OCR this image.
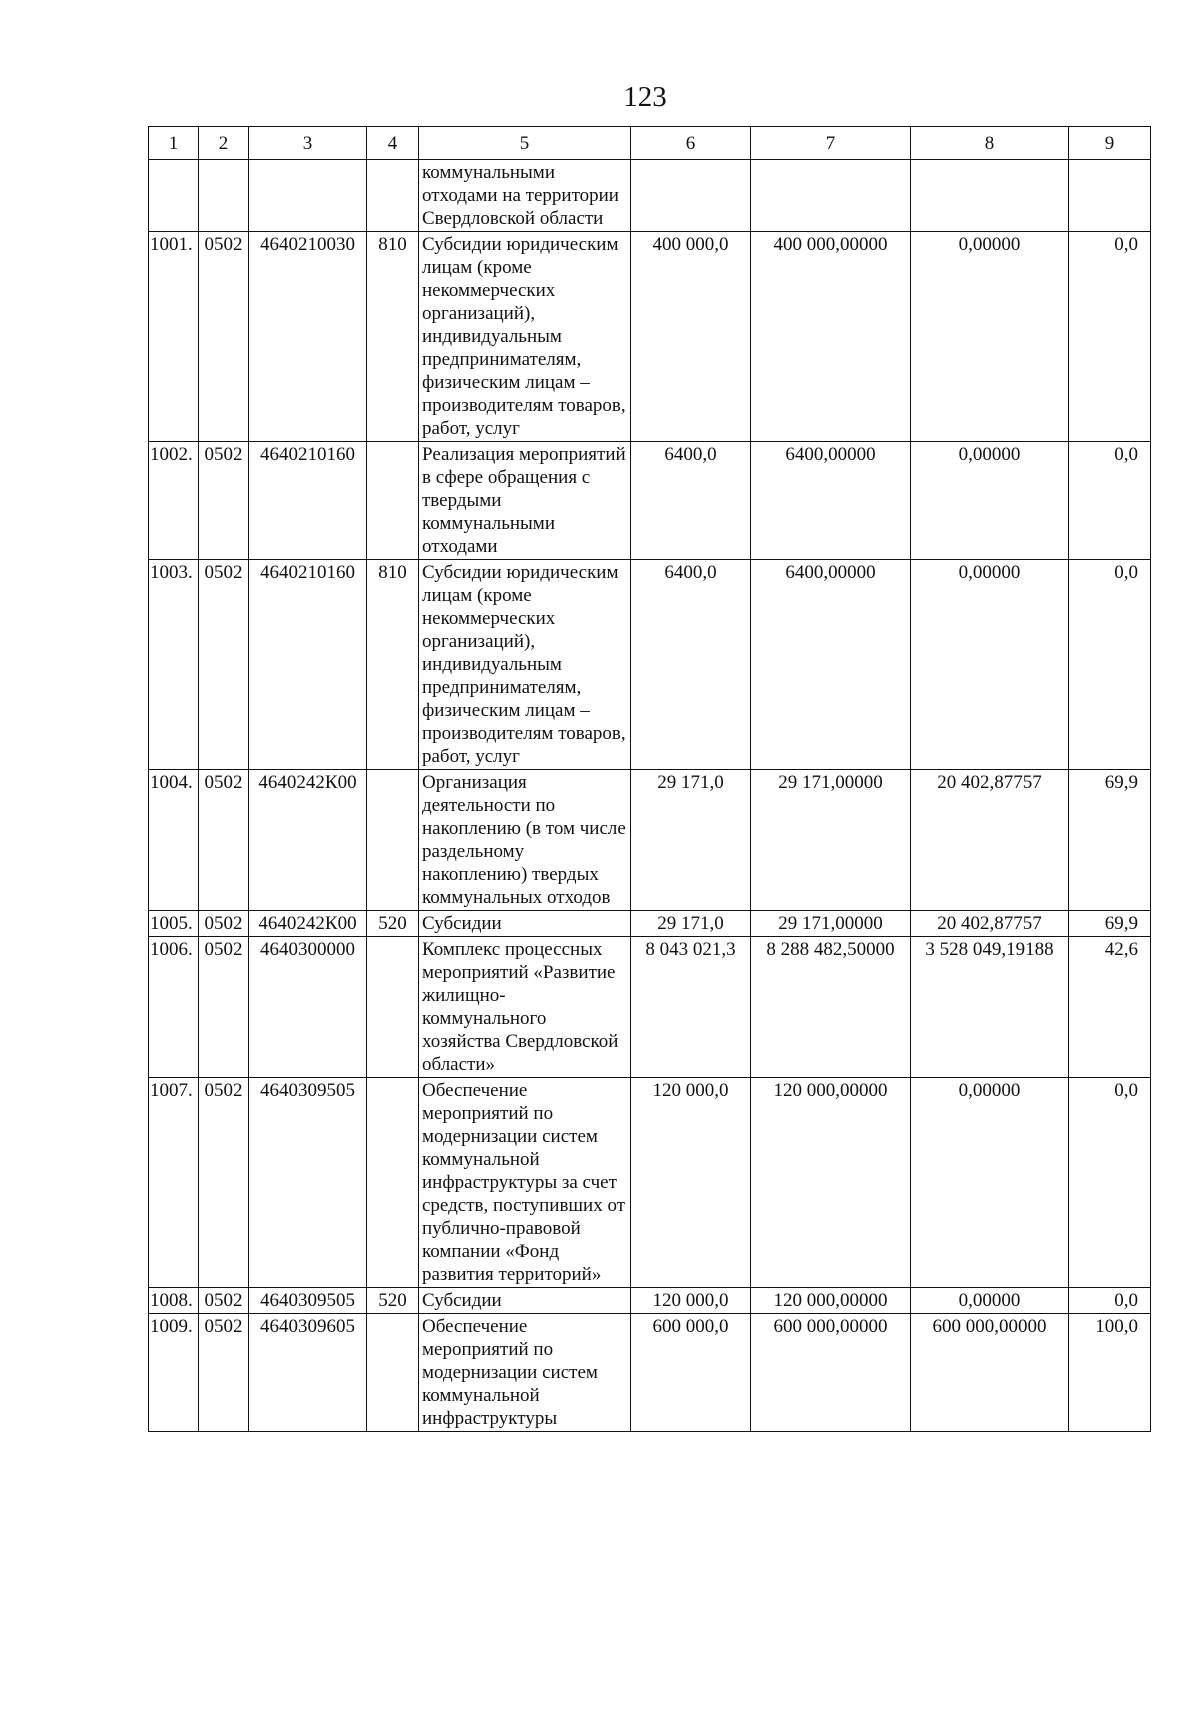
123
1	2	3	4	5	6	7	8	9
				коммунальными отходами на территории Свердловской области				
1001.	0502	4640210030	810	Субсидии юридическим лицам (кроме некоммерческих организаций), индивидуальным предпринимателям, физическим лицам – производителям товаров, работ, услуг	400 000,0	400 000,00000	0,00000	0,0
1002.	0502	4640210160		Реализация мероприятий в сфере обращения с твердыми коммунальными отходами	6400,0	6400,00000	0,00000	0,0
1003.	0502	4640210160	810	Субсидии юридическим лицам (кроме некоммерческих организаций), индивидуальным предпринимателям, физическим лицам – производителям товаров, работ, услуг	6400,0	6400,00000	0,00000	0,0
1004.	0502	4640242К00		Организация деятельности по накоплению (в том числе раздельному накоплению) твердых коммунальных отходов	29 171,0	29 171,00000	20 402,87757	69,9
1005.	0502	4640242К00	520	Субсидии	29 171,0	29 171,00000	20 402,87757	69,9
1006.	0502	4640300000		Комплекс процессных мероприятий «Развитие жилищно-коммунального хозяйства Свердловской области»	8 043 021,3	8 288 482,50000	3 528 049,19188	42,6
1007.	0502	4640309505		Обеспечение мероприятий по модернизации систем коммунальной инфраструктуры за счет средств, поступивших от публично-правовой компании «Фонд развития территорий»	120 000,0	120 000,00000	0,00000	0,0
1008.	0502	4640309505	520	Субсидии	120 000,0	120 000,00000	0,00000	0,0
1009.	0502	4640309605		Обеспечение мероприятий по модернизации систем коммунальной инфраструктуры	600 000,0	600 000,00000	600 000,00000	100,0
